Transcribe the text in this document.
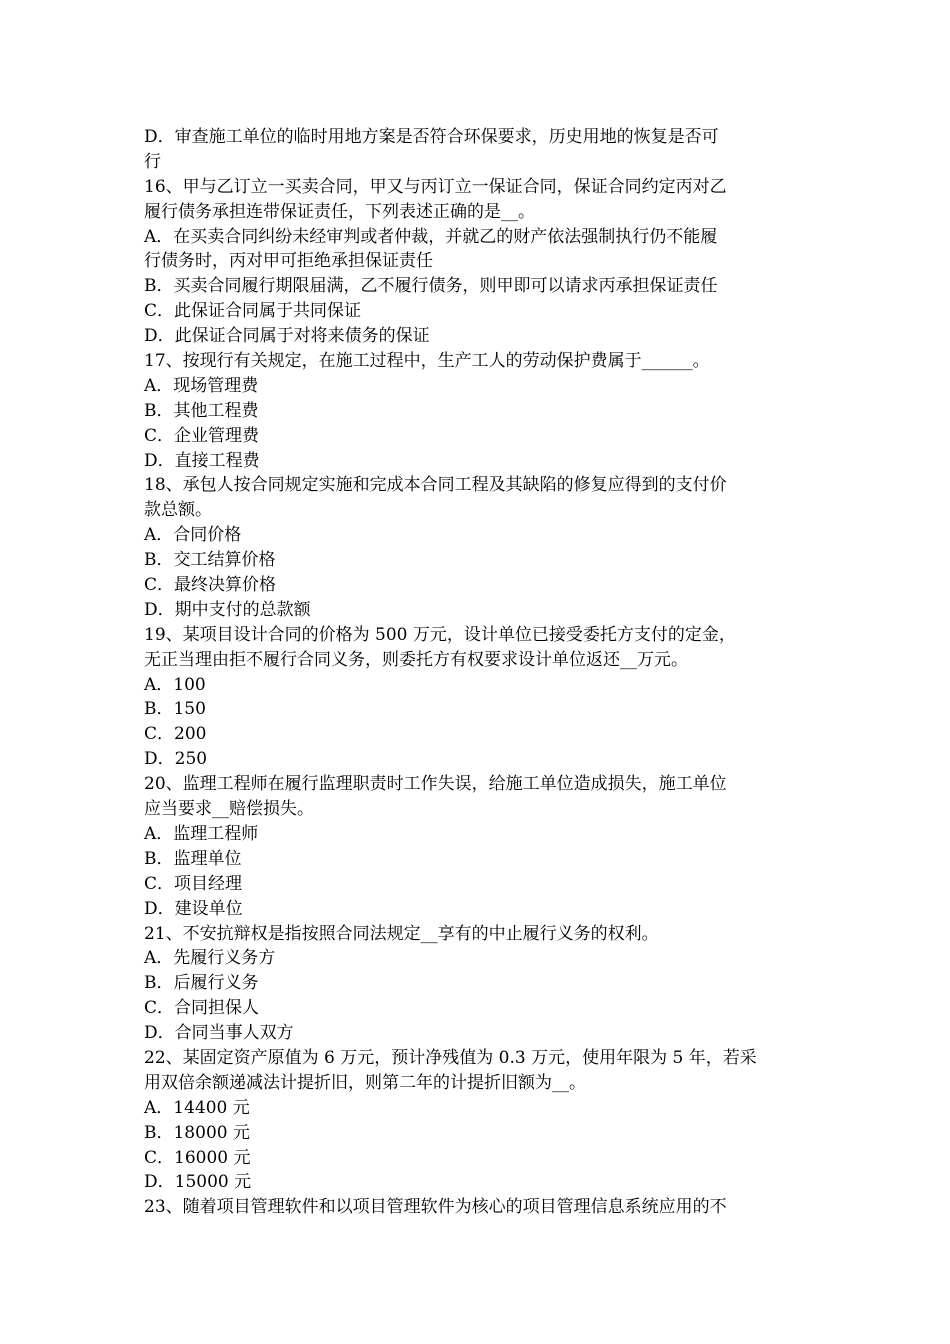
D．审查施工单位的临时用地方案是否符合环保要求，历史用地的恢复是否可
行
16、甲与乙订立一买卖合同，甲又与丙订立一保证合同，保证合同约定丙对乙
履行债务承担连带保证责任，下列表述正确的是__。
A．在买卖合同纠纷未经审判或者仲裁，并就乙的财产依法强制执行仍不能履
行债务时，丙对甲可拒绝承担保证责任
B．买卖合同履行期限届满，乙不履行债务，则甲即可以请求丙承担保证责任
C．此保证合同属于共同保证
D．此保证合同属于对将来债务的保证
17、按现行有关规定，在施工过程中，生产工人的劳动保护费属于______。
A．现场管理费
B．其他工程费
C．企业管理费
D．直接工程费
18、承包人按合同规定实施和完成本合同工程及其缺陷的修复应得到的支付价
款总额。
A．合同价格
B．交工结算价格
C．最终决算价格
D．期中支付的总款额
19、某项目设计合同的价格为 500 万元，设计单位已接受委托方支付的定金，
无正当理由拒不履行合同义务，则委托方有权要求设计单位返还__万元。
A．100
B．150
C．200
D．250
20、监理工程师在履行监理职责时工作失误，给施工单位造成损失，施工单位
应当要求__赔偿损失。
A．监理工程师
B．监理单位
C．项目经理
D．建设单位
21、不安抗辩权是指按照合同法规定__享有的中止履行义务的权利。
A．先履行义务方
B．后履行义务
C．合同担保人
D．合同当事人双方
22、某固定资产原值为 6 万元，预计净残值为 0.3 万元，使用年限为 5 年，若采
用双倍余额递减法计提折旧，则第二年的计提折旧额为__。
A．14400 元
B．18000 元
C．16000 元
D．15000 元
23、随着项目管理软件和以项目管理软件为核心的项目管理信息系统应用的不
